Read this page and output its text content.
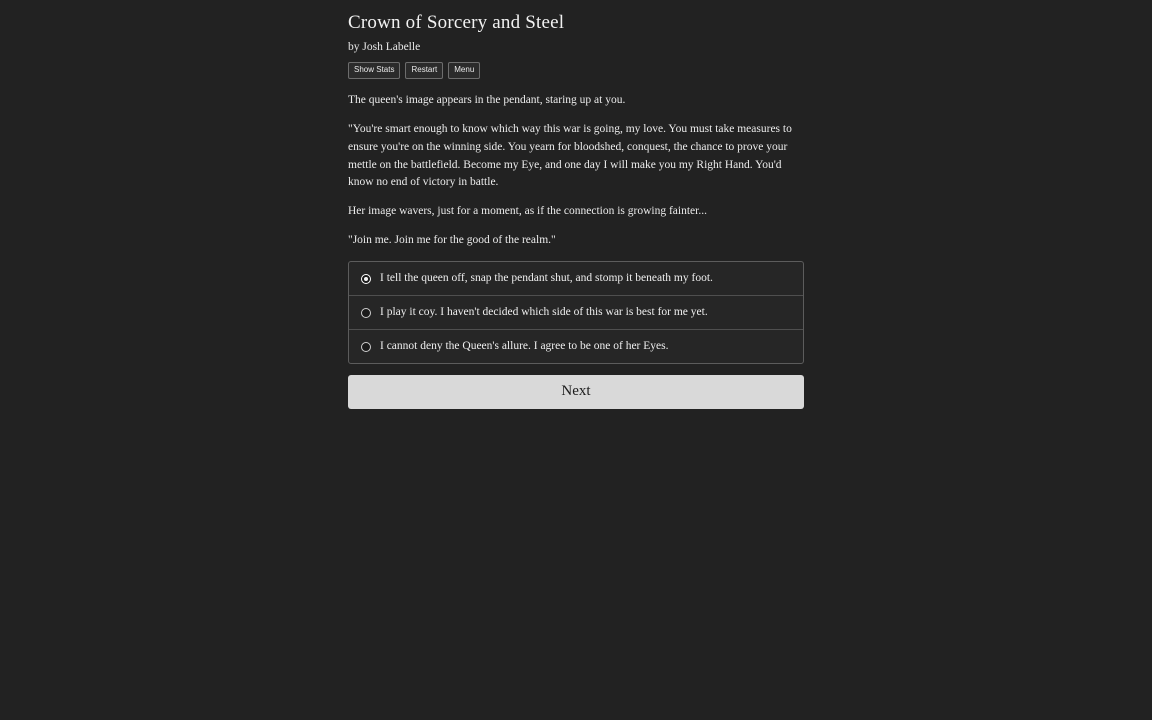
Crown of Sorcery and Steel
by Josh Labelle
Show Stats	Restart	Menu

The queen's image appears in the pendant, staring up at you.

"You're smart enough to know which way this war is going, my love. You must take measures to ensure you're on the winning side. You yearn for bloodshed, conquest, the chance to prove your mettle on the battlefield. Become my Eye, and one day I will make you my Right Hand. You'd know no end of victory in battle.

Her image wavers, just for a moment, as if the connection is growing fainter...

"Join me. Join me for the good of the realm."

I tell the queen off, snap the pendant shut, and stomp it beneath my foot.
I play it coy. I haven't decided which side of this war is best for me yet.
I cannot deny the Queen's allure. I agree to be one of her Eyes.
Next
